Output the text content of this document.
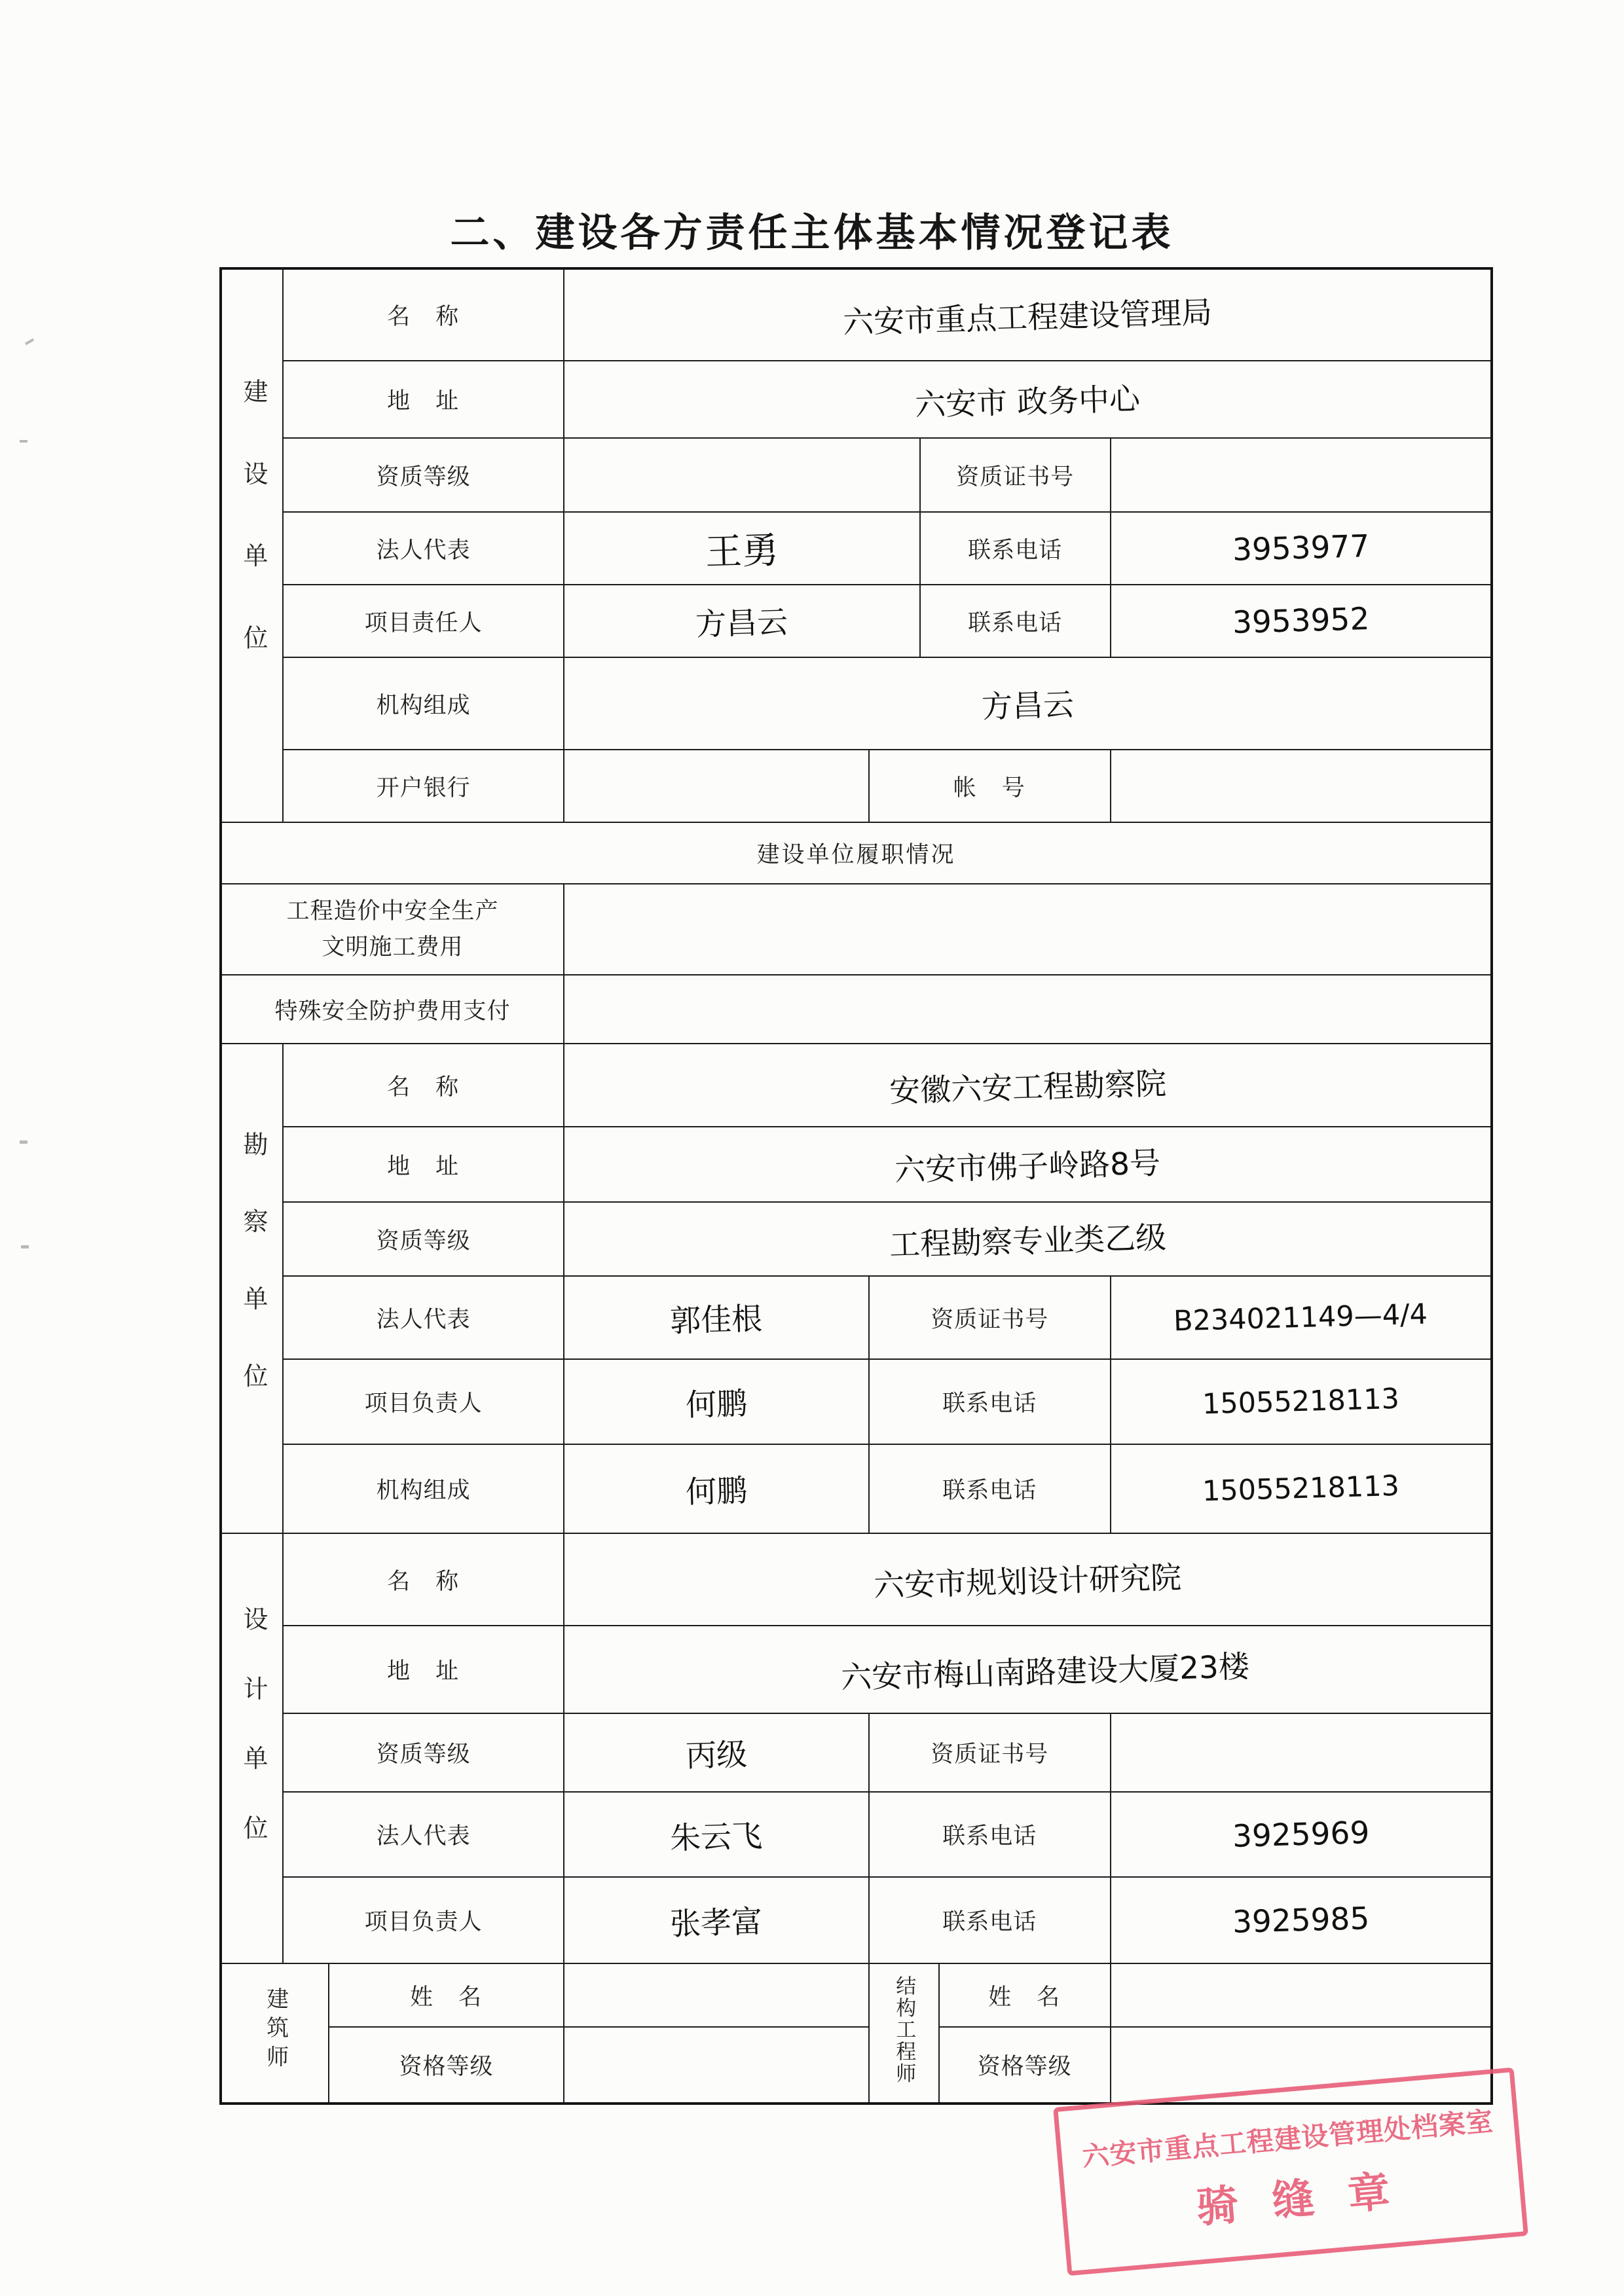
二、建设各方责任主体基本情况登记表
建设单位	名　称		六安市重点工程建设管理局				
	地　址		六安市 政务中心				
	资质等级				资质证书号		
	法人代表		王勇		联系电话		3953977
	项目责任人		方昌云		联系电话		3953952
	机构组成		方昌云				
	开户银行			帐　号			
建设单位履职情况							

工程造价中安全生产
文明施工费用							

特殊安全防护费用支付							
勘察单位	名　称		安徽六安工程勘察院				
	地　址		六安市佛子岭路8号				
	资质等级		工程勘察专业类乙级				
	法人代表		郭佳根	资质证书号			B234021149—4/4
	项目负责人		何鹏	联系电话			15055218113
	机构组成		何鹏	联系电话			15055218113
设计单位	名　称		六安市规划设计研究院				
	地　址		六安市梅山南路建设大厦23楼				
	资质等级		丙级	资质证书号			
	法人代表		朱云飞	联系电话			3925969
	项目负责人		张孝富	联系电话			3925985
建筑师		姓　名		结构工程师		姓　名	
		资格等级				资格等级	
六安市重点工程建设管理处档案室
骑缝章
